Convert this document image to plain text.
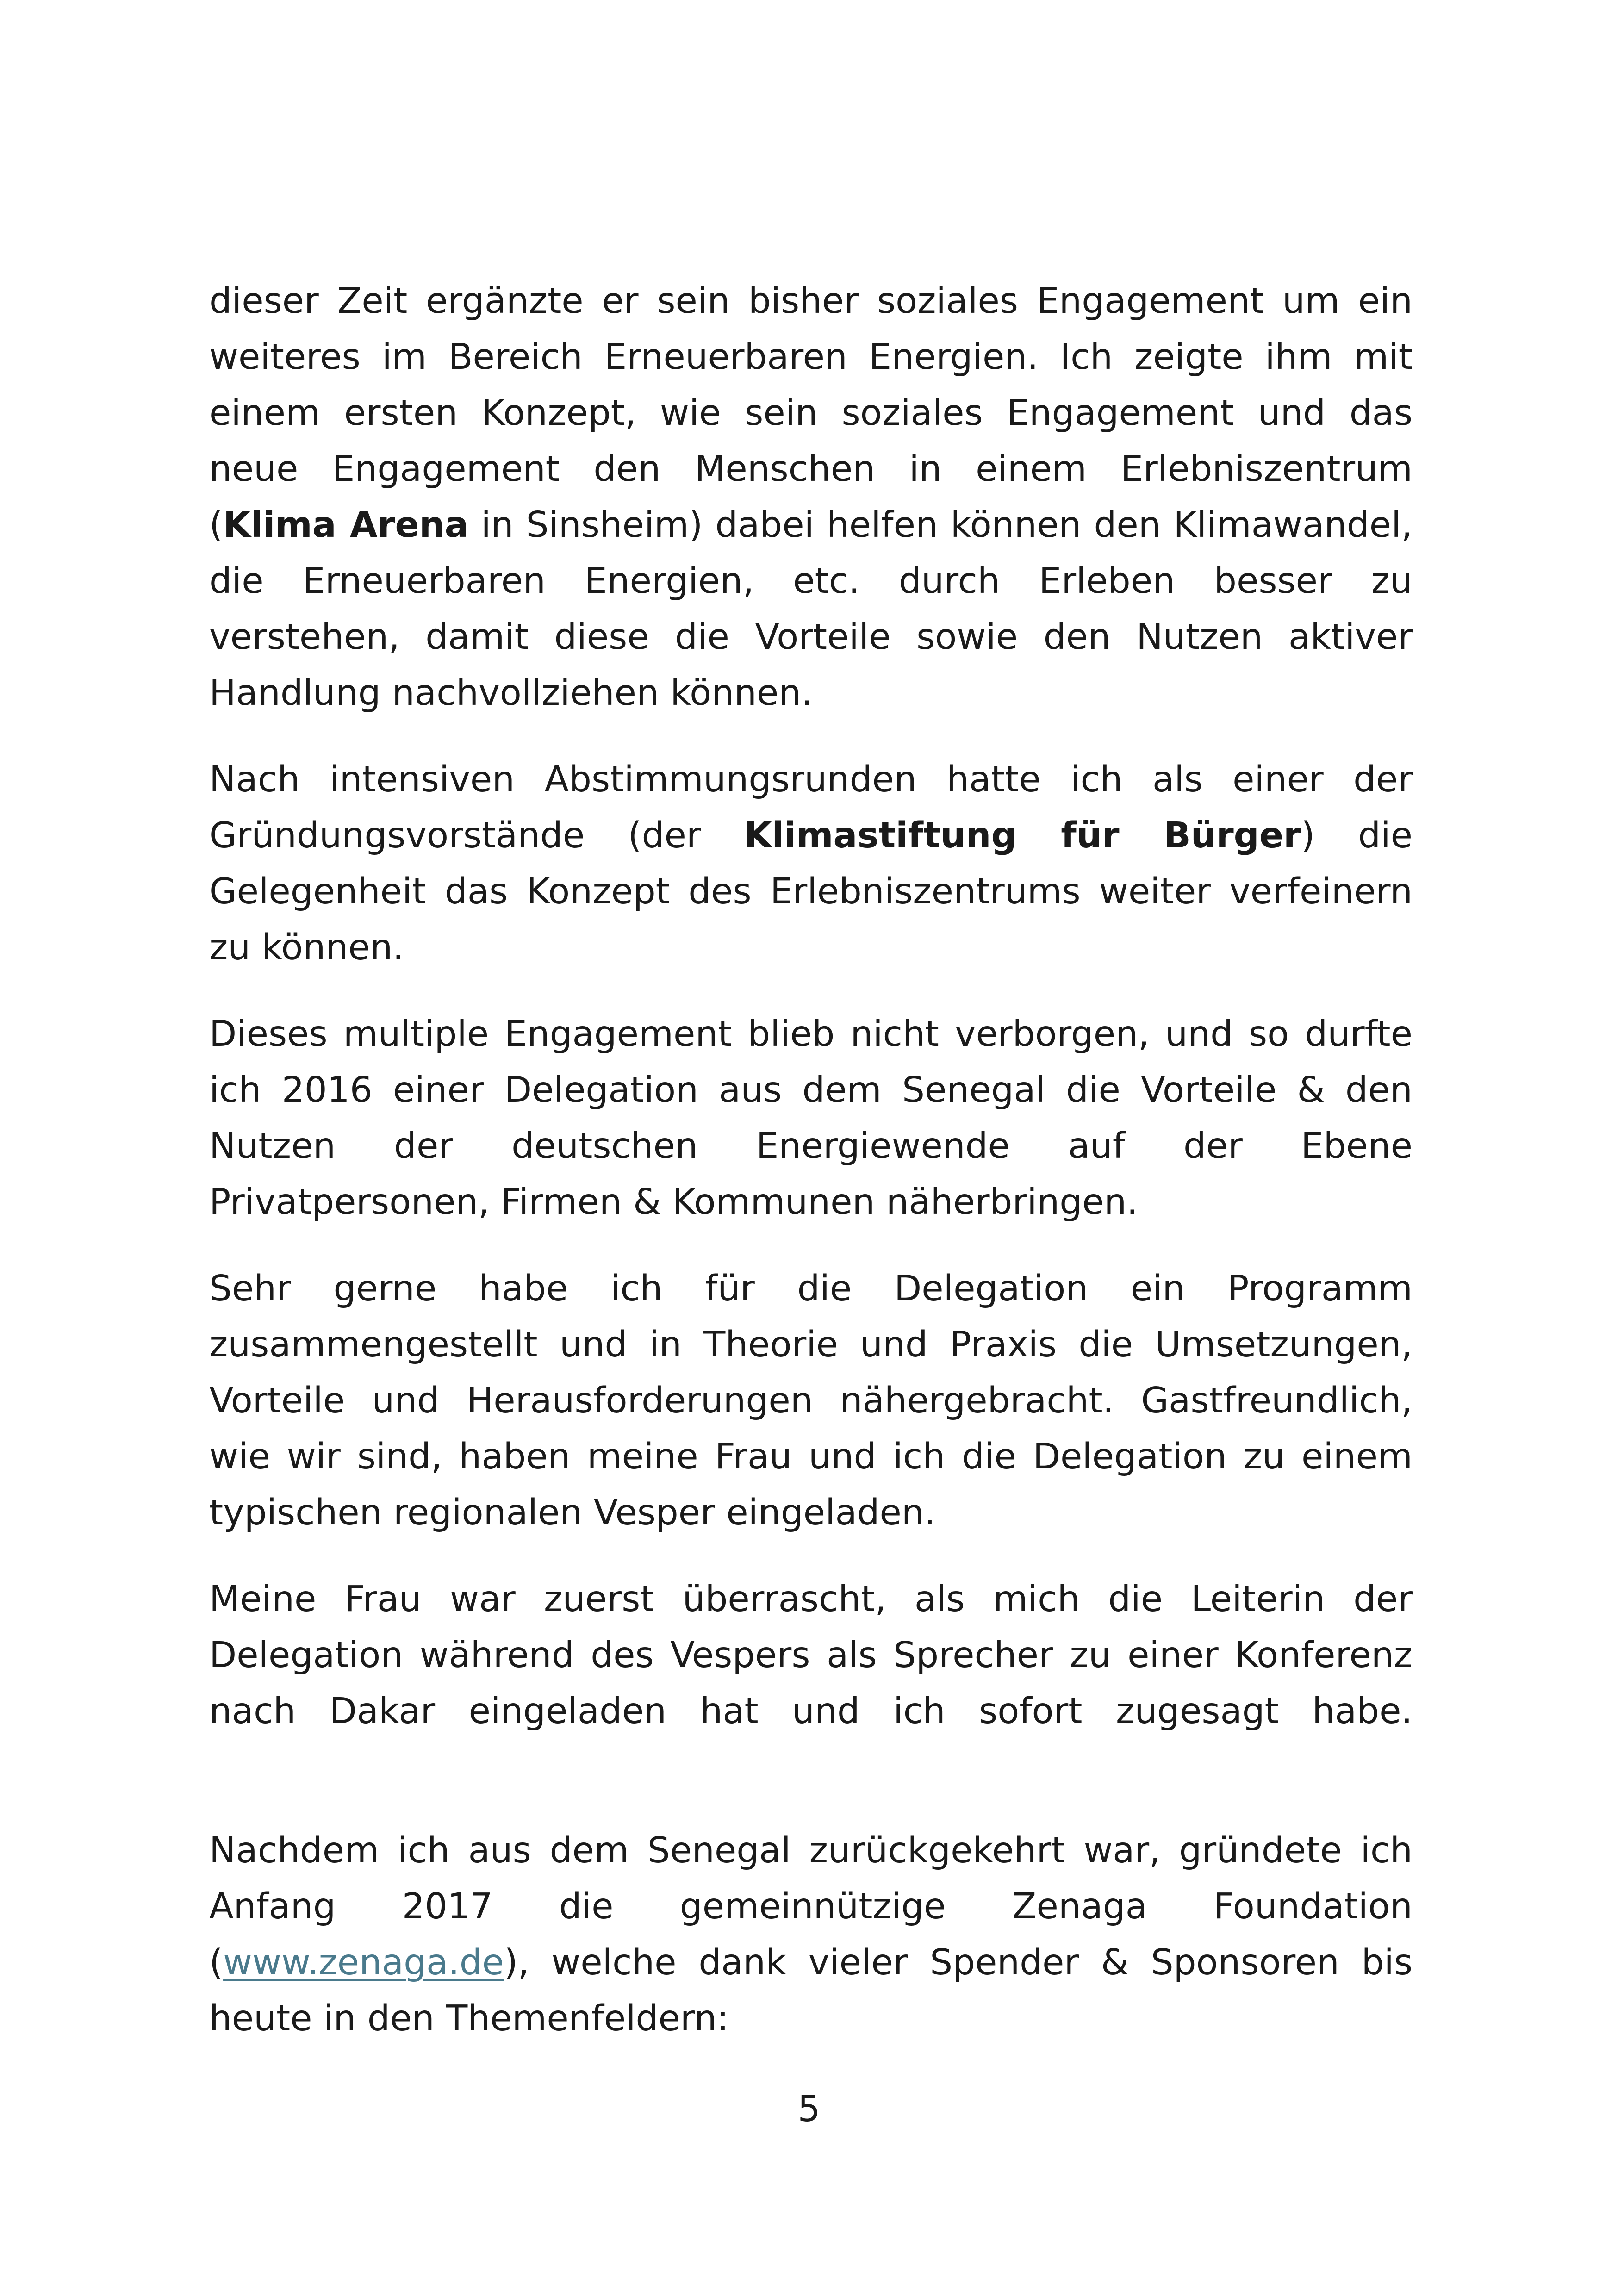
dieser Zeit ergänzte er sein bisher soziales Engagement um ein weiteres im Bereich Erneuerbaren Energien. Ich zeigte ihm mit einem ersten Konzept, wie sein soziales Engagement und das neue Engagement den Menschen in einem Erlebniszentrum (Klima Arena in Sinsheim) dabei helfen können den Klimawandel, die Erneuerbaren Energien, etc. durch Erleben besser zu verstehen, damit diese die Vorteile sowie den Nutzen aktiver Handlung nachvollziehen können.

Nach intensiven Abstimmungsrunden hatte ich als einer der Gründungsvorstände (der Klimastiftung für Bürger) die Gelegenheit das Konzept des Erlebniszentrums weiter verfeinern zu können.

Dieses multiple Engagement blieb nicht verborgen, und so durfte ich 2016 einer Delegation aus dem Senegal die Vorteile & den Nutzen der deutschen Energiewende auf der Ebene Privatpersonen, Firmen & Kommunen näherbringen.

Sehr gerne habe ich für die Delegation ein Programm zusammengestellt und in Theorie und Praxis die Umsetzungen, Vorteile und Herausforderungen nähergebracht. Gastfreundlich, wie wir sind, haben meine Frau und ich die Delegation zu einem typischen regionalen Vesper eingeladen.

Meine Frau war zuerst überrascht, als mich die Leiterin der Delegation während des Vespers als Sprecher zu einer Konferenz nach Dakar eingeladen hat und ich sofort zugesagt habe.

Nachdem ich aus dem Senegal zurückgekehrt war, gründete ich Anfang 2017 die gemeinnützige Zenaga Foundation (www.zenaga.de), welche dank vieler Spender & Sponsoren bis heute in den Themenfeldern:

5
